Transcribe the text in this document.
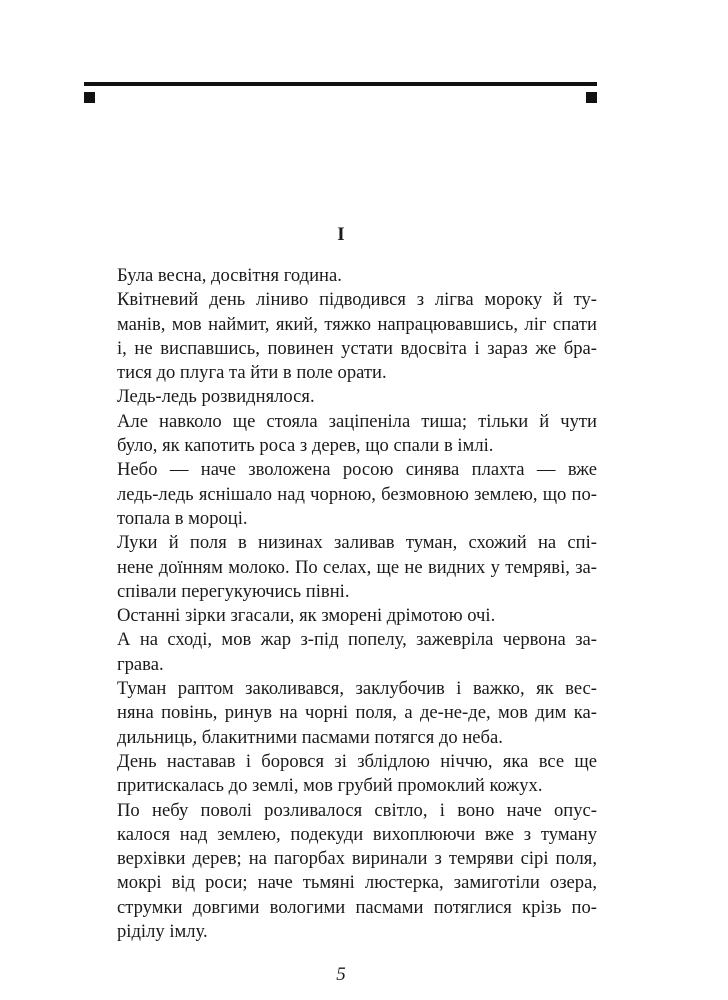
I

Була весна, досвітня година.

Квітневий день ліниво підводився з лігва мороку й ту-
манів, мов наймит, який, тяжко напрацювавшись, ліг спати
і, не виспавшись, повинен устати вдосвіта і зараз же бра-
тися до плуга та йти в поле орати.

Ледь-ледь розвиднялося.

Але навколо ще стояла заціпеніла тиша; тільки й чути
було, як капотить роса з дерев, що спали в імлі.

Небо — наче зволожена росою синява плахта — вже
ледь-ледь яснішало над чорною, безмовною землею, що по-
топала в мороці.

Луки й поля в низинах заливав туман, схожий на спі-
нене доїнням молоко. По селах, ще не видних у темряві, за-
співали перегукуючись півні.

Останні зірки згасали, як зморені дрімотою очі.

А на сході, мов жар з-під попелу, зажевріла червона за-
грава.

Туман раптом заколивався, заклубочив і важко, як вес-
няна повінь, ринув на чорні поля, а де-не-де, мов дим ка-
дильниць, блакитними пасмами потягся до неба.

День наставав і боровся зі зблідлою ніччю, яка все ще
притискалась до землі, мов грубий промоклий кожух.

По небу поволі розливалося світло, і воно наче опус-
калося над землею, подекуди вихоплюючи вже з туману
верхівки дерев; на пагорбах виринали з темряви сірі поля,
мокрі від роси; наче тьмяні люстерка, замиготіли озера,
струмки довгими вологими пасмами потяглися крізь по-
ріділу імлу.

5
